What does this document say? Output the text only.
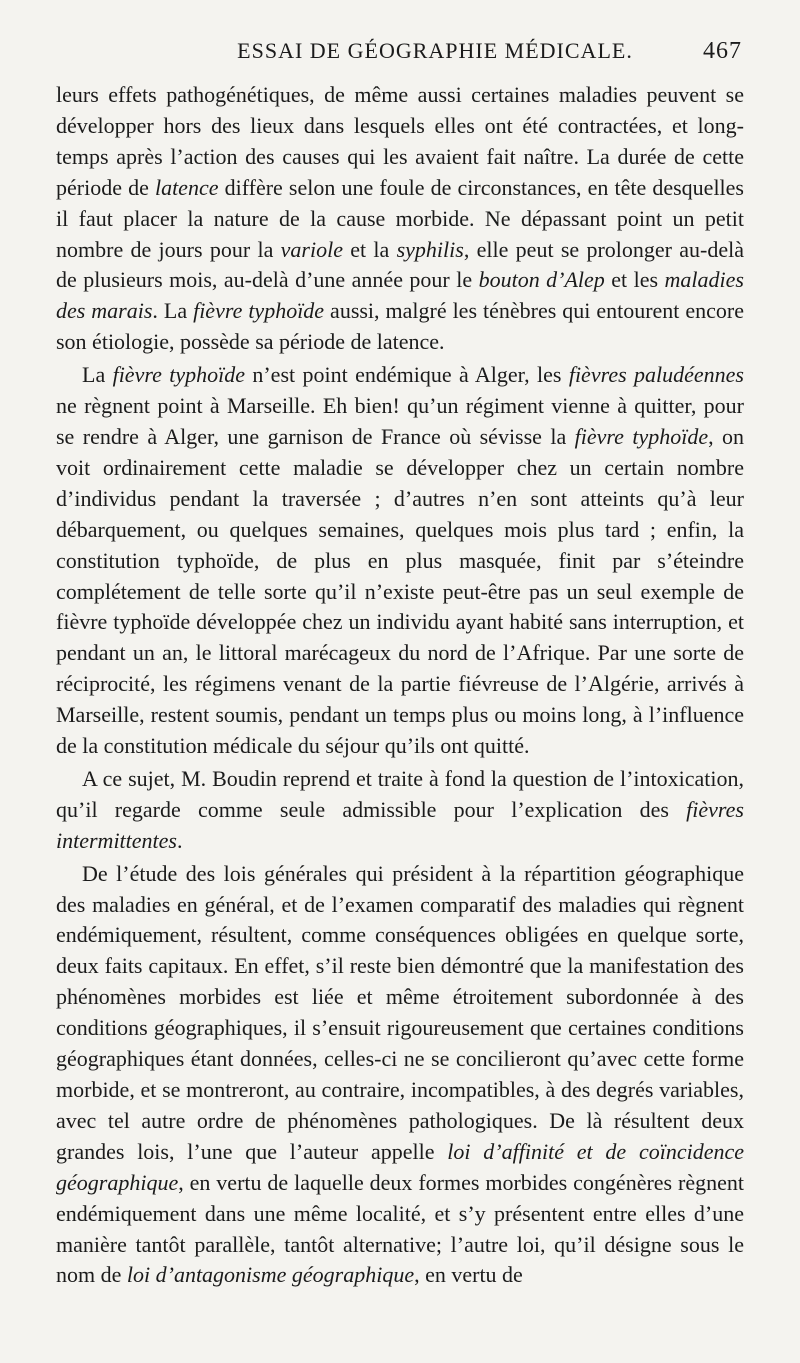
ESSAI DE GÉOGRAPHIE MÉDICALE.	467

leurs effets pathogénétiques, de même aussi certaines maladies peuvent se développer hors des lieux dans lesquels elles ont été contractées, et long-temps après l’action des causes qui les avaient fait naître. La durée de cette période de latence diffère selon une foule de circonstances, en tête desquelles il faut placer la nature de la cause morbide. Ne dépassant point un petit nombre de jours pour la variole et la syphilis, elle peut se prolonger au-delà de plusieurs mois, au-delà d’une année pour le bouton d’Alep et les maladies des marais. La fièvre typhoïde aussi, malgré les ténèbres qui entourent encore son étiologie, possède sa période de latence.

La fièvre typhoïde n’est point endémique à Alger, les fièvres paludéennes ne règnent point à Marseille. Eh bien! qu’un régiment vienne à quitter, pour se rendre à Alger, une garnison de France où sévisse la fièvre typhoïde, on voit ordinairement cette maladie se développer chez un certain nombre d’individus pendant la traversée ; d’autres n’en sont atteints qu’à leur débarquement, ou quelques semaines, quelques mois plus tard ; enfin, la constitution typhoïde, de plus en plus masquée, finit par s’éteindre complétement de telle sorte qu’il n’existe peut-être pas un seul exemple de fièvre typhoïde développée chez un individu ayant habité sans interruption, et pendant un an, le littoral marécageux du nord de l’Afrique. Par une sorte de réciprocité, les régimens venant de la partie fiévreuse de l’Algérie, arrivés à Marseille, restent soumis, pendant un temps plus ou moins long, à l’influence de la constitution médicale du séjour qu’ils ont quitté.

A ce sujet, M. Boudin reprend et traite à fond la question de l’intoxication, qu’il regarde comme seule admissible pour l’explication des fièvres intermittentes.

De l’étude des lois générales qui président à la répartition géographique des maladies en général, et de l’examen comparatif des maladies qui règnent endémiquement, résultent, comme conséquences obligées en quelque sorte, deux faits capitaux. En effet, s’il reste bien démontré que la manifestation des phénomènes morbides est liée et même étroitement subordonnée à des conditions géographiques, il s’ensuit rigoureusement que certaines conditions géographiques étant données, celles-ci ne se concilieront qu’avec cette forme morbide, et se montreront, au contraire, incompatibles, à des degrés variables, avec tel autre ordre de phénomènes pathologiques. De là résultent deux grandes lois, l’une que l’auteur appelle loi d’affinité et de coïncidence géographique, en vertu de laquelle deux formes morbides congénères règnent endémiquement dans une même localité, et s’y présentent entre elles d’une manière tantôt parallèle, tantôt alternative; l’autre loi, qu’il désigne sous le nom de loi d’antagonisme géographique, en vertu de
